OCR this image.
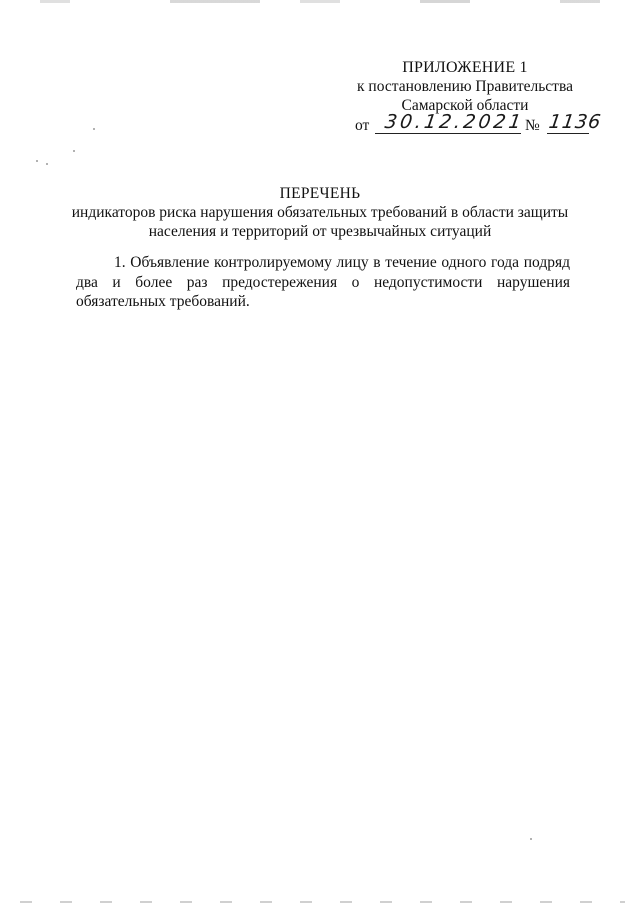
ПРИЛОЖЕНИЕ 1
к постановлению Правительства
Самарской области
от 30.12.2021 № 1136
ПЕРЕЧЕНЬ
индикаторов риска нарушения обязательных требований в области защиты
населения и территорий от чрезвычайных ситуаций
1. Объявление контролируемому лицу в течение одного года подряд
два и более раз предостережения о недопустимости нарушения
обязательных требований.
